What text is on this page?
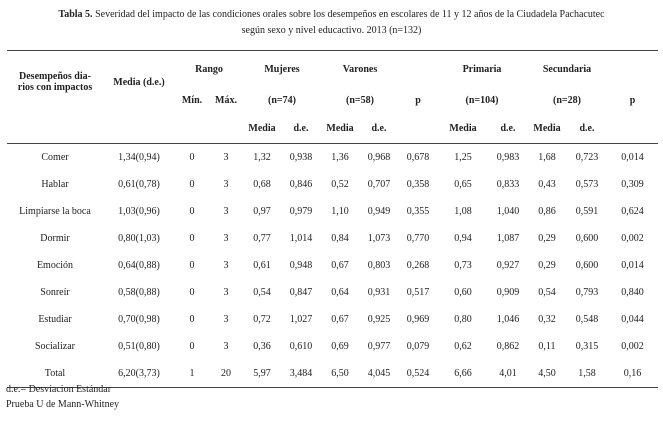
Tabla 5. Severidad del impacto de las condiciones orales sobre los desempeños en escolares de 11 y 12 años de la Ciudadela Pachacutec
según sexo y nivel educactivo. 2013 (n=132)
Desempeños dia-
rios con impactos	Media (d.e.)	Rango		Mujeres		Varones			Primaria		Secundaria		
		Mín.	Máx.	(n=74)		(n=58)		p	(n=104)		(n=28)		p
				Media	d.e.	Media	d.e.		Media	d.e.	Media	d.e.	
Comer	1,34(0,94)	0	3	1,32	0,938	1,36	0,968	0,678	1,25	0,983	1,68	0,723	0,014
Hablar	0,61(0,78)	0	3	0,68	0,846	0,52	0,707	0,358	0,65	0,833	0,43	0,573	0,309
Limpiarse la boca	1,03(0,96)	0	3	0,97	0,979	1,10	0,949	0,355	1,08	1,040	0,86	0,591	0,624
Dormir	0,80(1,03)	0	3	0,77	1,014	0,84	1,073	0,770	0,94	1,087	0,29	0,600	0,002
Emoción	0,64(0,88)	0	3	0,61	0,948	0,67	0,803	0,268	0,73	0,927	0,29	0,600	0,014
Sonreír	0,58(0,88)	0	3	0,54	0,847	0,64	0,931	0,517	0,60	0,909	0,54	0,793	0,840
Estudiar	0,70(0,98)	0	3	0,72	1,027	0,67	0,925	0,969	0,80	1,046	0,32	0,548	0,044
Socializar	0,51(0,80)	0	3	0,36	0,610	0,69	0,977	0,079	0,62	0,862	0,11	0,315	0,002
Total	6,20(3,73)	1	20	5,97	3,484	6,50	4,045	0,524	6,66	4,01	4,50	1,58	0,16
d.e.= Desviacion Estándar
Prueba U de Mann-Whitney
